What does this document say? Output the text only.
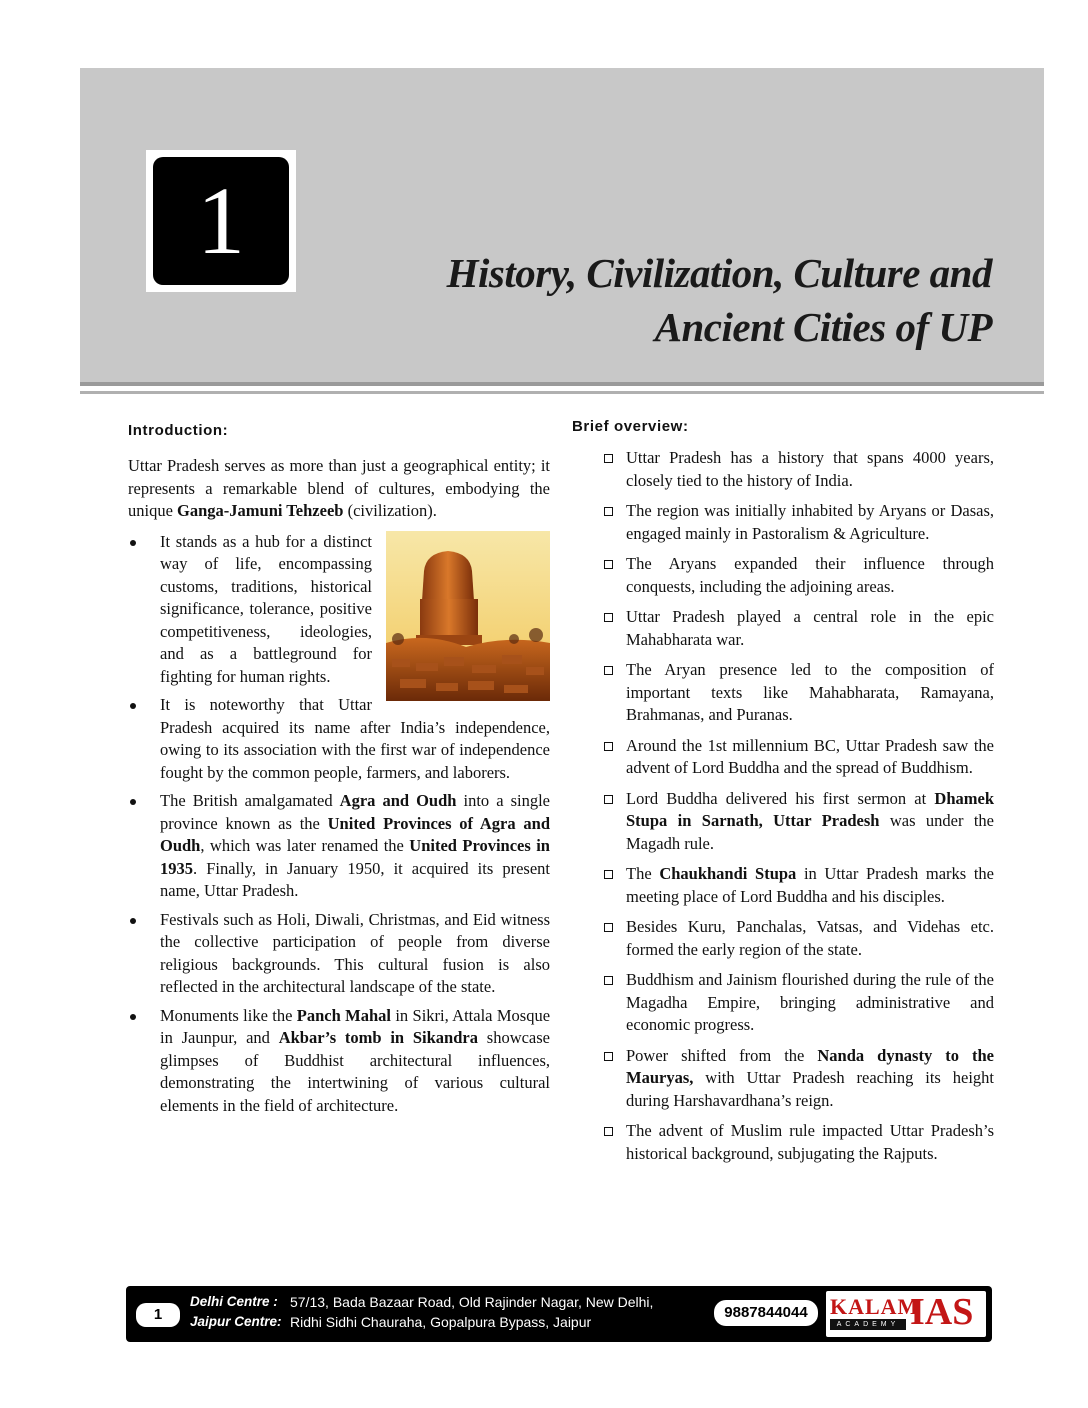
1	History, Civilization, Culture and
Ancient Cities of UP
Introduction:

Uttar Pradesh serves as more than just a geographical entity; it represents a remarkable blend of cultures, embodying the unique Ganga-Jamuni Tehzeeb (civilization).

It stands as a hub for a distinct way of life, encompassing customs, traditions, historical significance, tolerance, positive competitiveness, ideologies, and as a battleground for fighting for human rights.
It is noteworthy that Uttar Pradesh acquired its name after India’s independence, owing to its association with the first war of independence fought by the common people, farmers, and laborers.
The British amalgamated Agra and Oudh into a single province known as the United Provinces of Agra and Oudh, which was later renamed the United Provinces in 1935. Finally, in January 1950, it acquired its present name, Uttar Pradesh.
Festivals such as Holi, Diwali, Christmas, and Eid witness the collective participation of people from diverse religious backgrounds. This cultural fusion is also reflected in the architectural landscape of the state.
Monuments like the Panch Mahal in Sikri, Attala Mosque in Jaunpur, and Akbar’s tomb in Sikandra showcase glimpses of Buddhist architectural influences, demonstrating the intertwining of various cultural elements in the field of architecture.
Brief overview:
Uttar Pradesh has a history that spans 4000 years, closely tied to the history of India.
The region was initially inhabited by Aryans or Dasas, engaged mainly in Pastoralism & Agriculture.
The Aryans expanded their influence through conquests, including the adjoining areas.
Uttar Pradesh played a central role in the epic Mahabharata war.
The Aryan presence led to the composition of important texts like Mahabharata, Ramayana, Brahmanas, and Puranas.
Around the 1st millennium BC, Uttar Pradesh saw the advent of Lord Buddha and the spread of Buddhism.
Lord Buddha delivered his first sermon at Dhamek Stupa in Sarnath, Uttar Pradesh was under the Magadh rule.
The Chaukhandi Stupa in Uttar Pradesh marks the meeting place of Lord Buddha and his disciples.
Besides Kuru, Panchalas, Vatsas, and Videhas etc. formed the early region of the state.
Buddhism and Jainism flourished during the rule of the Magadha Empire, bringing administrative and economic progress.
Power shifted from the Nanda dynasty to the Mauryas, with Uttar Pradesh reaching its height during Harshavardhana’s reign.
The advent of Muslim rule impacted Uttar Pradesh’s historical background, subjugating the Rajputs.
1
Delhi Centre : 57/13, Bada Bazaar Road, Old Rajinder Nagar, New Delhi,
Jaipur Centre: Ridhi Sidhi Chauraha, Gopalpura Bypass, Jaipur
9887844044	KALAM
ACADEMY IAS
